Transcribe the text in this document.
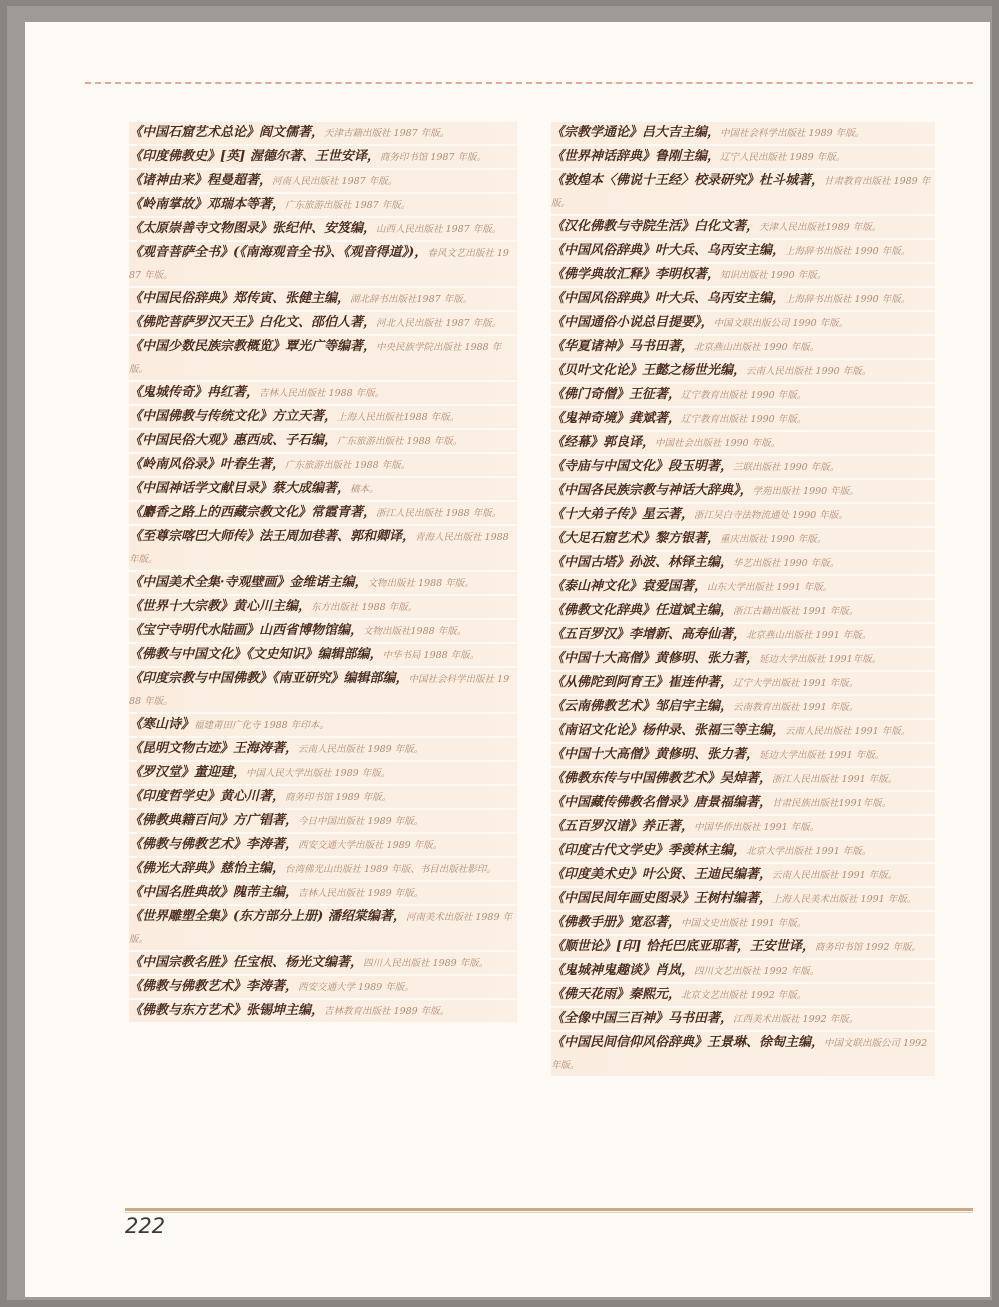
《中国石窟艺术总论》阎文儒著，天津古籍出版社 1987 年版。
《印度佛教史》[英] 渥德尔著、王世安译，商务印书馆 1987 年版。
《诸神由来》程曼超著，河南人民出版社 1987 年版。
《岭南掌故》邓瑞本等著，广东旅游出版社 1987 年版。
《太原崇善寺文物图录》张纪仲、安笈编，山西人民出版社 1987 年版。
《观音菩萨全书》(《南海观音全书》、《观音得道》)，春风文艺出版社 1987 年版。
《中国民俗辞典》郑传寅、张健主编，湖北辞书出版社1987 年版。
《佛陀菩萨罗汉天王》白化文、邵伯人著，河北人民出版社 1987 年版。
《中国少数民族宗教概览》覃光广等编著，中央民族学院出版社 1988 年版。
《鬼城传奇》冉红著，吉林人民出版社 1988 年版。
《中国佛教与传统文化》方立天著，上海人民出版社1988 年版。
《中国民俗大观》惠西成、子石编，广东旅游出版社 1988 年版。
《岭南风俗录》叶春生著，广东旅游出版社 1988 年版。
《中国神话学文献目录》蔡大成编著，稿本。
《麝香之路上的西藏宗教文化》常霞青著，浙江人民出版社 1988 年版。
《至尊宗喀巴大师传》法王周加巷著、郭和卿译，青海人民出版社 1988 年版。
《中国美术全集·寺观壁画》金维诺主编，文物出版社 1988 年版。
《世界十大宗教》黄心川主编，东方出版社 1988 年版。
《宝宁寺明代水陆画》山西省博物馆编，文物出版社1988 年版。
《佛教与中国文化》《文史知识》编辑部编，中华书局 1988 年版。
《印度宗教与中国佛教》《南亚研究》编辑部编，中国社会科学出版社 1988 年版。
《寒山诗》福建莆田广化寺 1988 年印本。
《昆明文物古迹》王海涛著，云南人民出版社 1989 年版。
《罗汉堂》董迎建，中国人民大学出版社 1989 年版。
《印度哲学史》黄心川著，商务印书馆 1989 年版。
《佛教典籍百问》方广锠著，今日中国出版社 1989 年版。
《佛教与佛教艺术》李涛著，西安交通大学出版社 1989 年版。
《佛光大辞典》慈怡主编，台湾佛光山出版社 1989 年版、书目出版社影印。
《中国名胜典故》隗芾主编，吉林人民出版社 1989 年版。
《世界雕塑全集》(东方部分上册) 潘绍棠编著，河南美术出版社 1989 年版。
《中国宗教名胜》任宝根、杨光文编著，四川人民出版社 1989 年版。
《佛教与佛教艺术》李涛著，西安交通大学 1989 年版。
《佛教与东方艺术》张锡坤主编，吉林教育出版社 1989 年版。
《宗教学通论》吕大吉主编，中国社会科学出版社 1989 年版。
《世界神话辞典》鲁刚主编，辽宁人民出版社 1989 年版。
《敦煌本〈佛说十王经〉校录研究》杜斗城著，甘肃教育出版社 1989 年版。
《汉化佛教与寺院生活》白化文著，天津人民出版社1989 年版。
《中国风俗辞典》叶大兵、乌丙安主编，上海辞书出版社 1990 年版。
《佛学典故汇释》李明权著，知识出版社 1990 年版。
《中国风俗辞典》叶大兵、乌丙安主编，上海辞书出版社 1990 年版。
《中国通俗小说总目提要》，中国文联出版公司 1990 年版。
《华夏诸神》马书田著，北京燕山出版社 1990 年版。
《贝叶文化论》王懿之杨世光编，云南人民出版社 1990 年版。
《佛门奇僧》王征著，辽宁教育出版社 1990 年版。
《鬼神奇境》龚斌著，辽宁教育出版社 1990 年版。
《经幕》郭良译，中国社会出版社 1990 年版。
《寺庙与中国文化》段玉明著，三联出版社 1990 年版。
《中国各民族宗教与神话大辞典》，学苑出版社 1990 年版。
《十大弟子传》星云著，浙江吴白寺法物流通处 1990 年版。
《大足石窟艺术》黎方银著，重庆出版社 1990 年版。
《中国古塔》孙波、林铎主编，华艺出版社 1990 年版。
《泰山神文化》袁爱国著，山东大学出版社 1991 年版。
《佛教文化辞典》任道斌主编，浙江古籍出版社 1991 年版。
《五百罗汉》李增新、高寿仙著，北京燕山出版社 1991 年版。
《中国十大高僧》黄修明、张力著，延边大学出版社 1991年版。
《从佛陀到阿育王》崔连仲著，辽宁大学出版社 1991 年版。
《云南佛教艺术》邹启宇主编，云南教育出版社 1991 年版。
《南诏文化论》杨仲录、张福三等主编，云南人民出版社 1991 年版。
《中国十大高僧》黄修明、张力著，延边大学出版社 1991 年版。
《佛教东传与中国佛教艺术》吴焯著，浙江人民出版社 1991 年版。
《中国藏传佛教名僧录》唐景福编著，甘肃民族出版社1991年版。
《五百罗汉谱》养正著，中国华侨出版社 1991 年版。
《印度古代文学史》季羡林主编，北京大学出版社 1991 年版。
《印度美术史》叶公贤、王迪民编著，云南人民出版社 1991 年版。
《中国民间年画史图录》王树村编著，上海人民美术出版社 1991 年版。
《佛教手册》宽忍著，中国文史出版社 1991 年版。
《顺世论》[印] 恰托巴底亚耶著，王安世译，商务印书馆 1992 年版。
《鬼城神鬼趣谈》肖岚，四川文艺出版社 1992 年版。
《佛天花雨》秦熙元，北京文艺出版社 1992 年版。
《全像中国三百神》马书田著，江西美术出版社 1992 年版。
《中国民间信仰风俗辞典》王景琳、徐匋主编，中国文联出版公司 1992 年版。
222
